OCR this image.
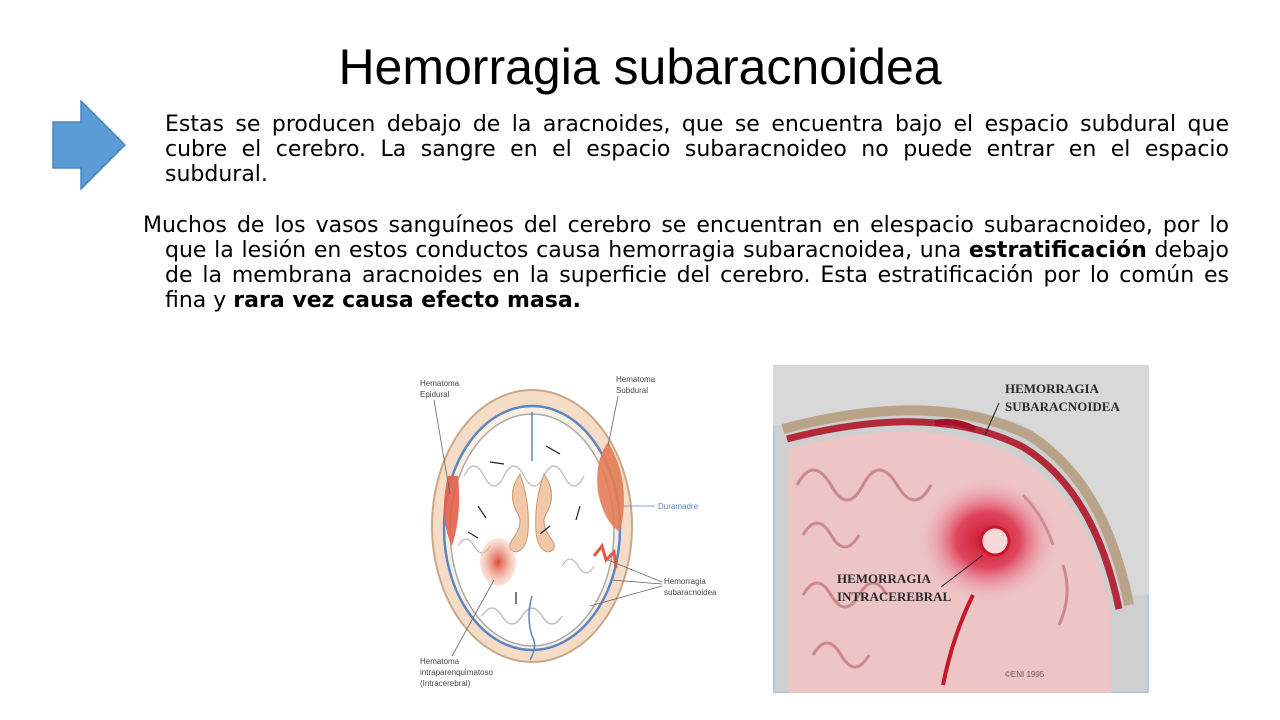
Hemorragia subaracnoidea

Estas se producen debajo de la aracnoides, que se encuentra bajo el espacio subdural que cubre el cerebro. La sangre en el espacio subaracnoideo no puede entrar en el espacio subdural.

Muchos de los vasos sanguíneos del cerebro se encuentran en elespacio subaracnoideo, por lo que la lesión en estos conductos causa hemorragia subaracnoidea, una estratificación debajo de la membrana aracnoides en la superficie del cerebro. Esta estratificación por lo común es fina y rara vez causa efecto masa.

Hematoma
Epidural
Hematoma
Subdural
Duramadre
Hemorragia
subaracnoidea
Hematoma
intraparenquimatoso
(Intracerebral)
HEMORRAGIA
SUBARACNOIDEA
HEMORRAGIA
INTRACEREBRAL
©ENI 1995
